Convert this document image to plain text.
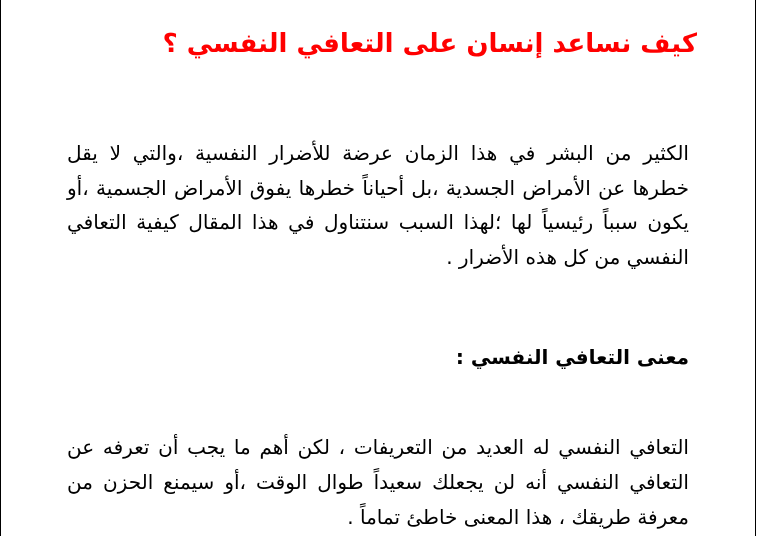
كيف نساعد إنسان على التعافي النفسي ؟

الكثير من البشر في هذا الزمان عرضة للأضرار النفسية ،والتي لا يقل خطرها عن الأمراض الجسدية ،بل أحياناً خطرها يفوق الأمراض الجسمية ،أو يكون سبباً رئيسياً لها ؛لهذا السبب سنتناول في هذا المقال كيفية التعافي النفسي من كل هذه الأضرار .

معنى التعافي النفسي :

التعافي النفسي له العديد من التعريفات ، لكن أهم ما يجب أن تعرفه عن التعافي النفسي أنه لن يجعلك سعيداً طوال الوقت ،أو سيمنع الحزن من معرفة طريقك ، هذا المعنى خاطئ تماماً .
